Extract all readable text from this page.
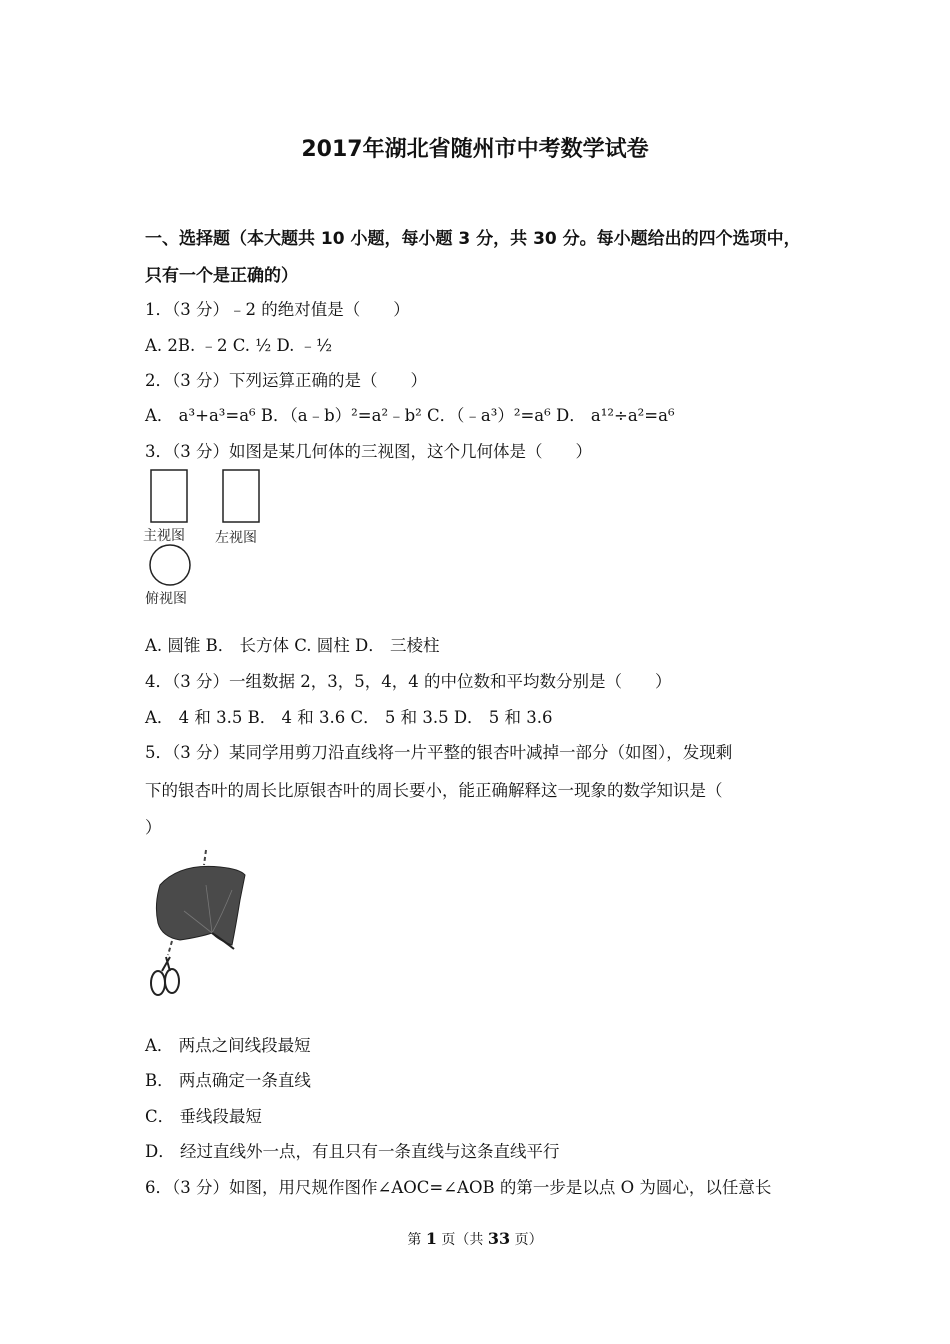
2017年湖北省随州市中考数学试卷
一、选择题（本大题共 10 小题，每小题 3 分，共 30 分。每小题给出的四个选项中，
只有一个是正确的）
1．（3 分）﹣2 的绝对值是（　　）
A. 2B. ﹣2 C. ½ D. ﹣½
2．（3 分）下列运算正确的是（　　）
A． a³+a³=a⁶ B．（a﹣b）²=a²﹣b² C．（﹣a³）²=a⁶ D． a¹²÷a²=a⁶
3．（3 分）如图是某几何体的三视图，这个几何体是（　　）
主视图 左视图
俯视图
A. 圆锥 B． 长方体 C. 圆柱 D． 三棱柱
4．（3 分）一组数据 2，3，5，4，4 的中位数和平均数分别是（　　）
A． 4 和 3.5 B． 4 和 3.6 C． 5 和 3.5 D． 5 和 3.6
5．（3 分）某同学用剪刀沿直线将一片平整的银杏叶减掉一部分（如图），发现剩
下的银杏叶的周长比原银杏叶的周长要小，能正确解释这一现象的数学知识是（
）
A． 两点之间线段最短
B． 两点确定一条直线
C． 垂线段最短
D． 经过直线外一点，有且只有一条直线与这条直线平行
6．（3 分）如图，用尺规作图作∠AOC=∠AOB 的第一步是以点 O 为圆心，以任意长
第 1 页（共 33 页）
